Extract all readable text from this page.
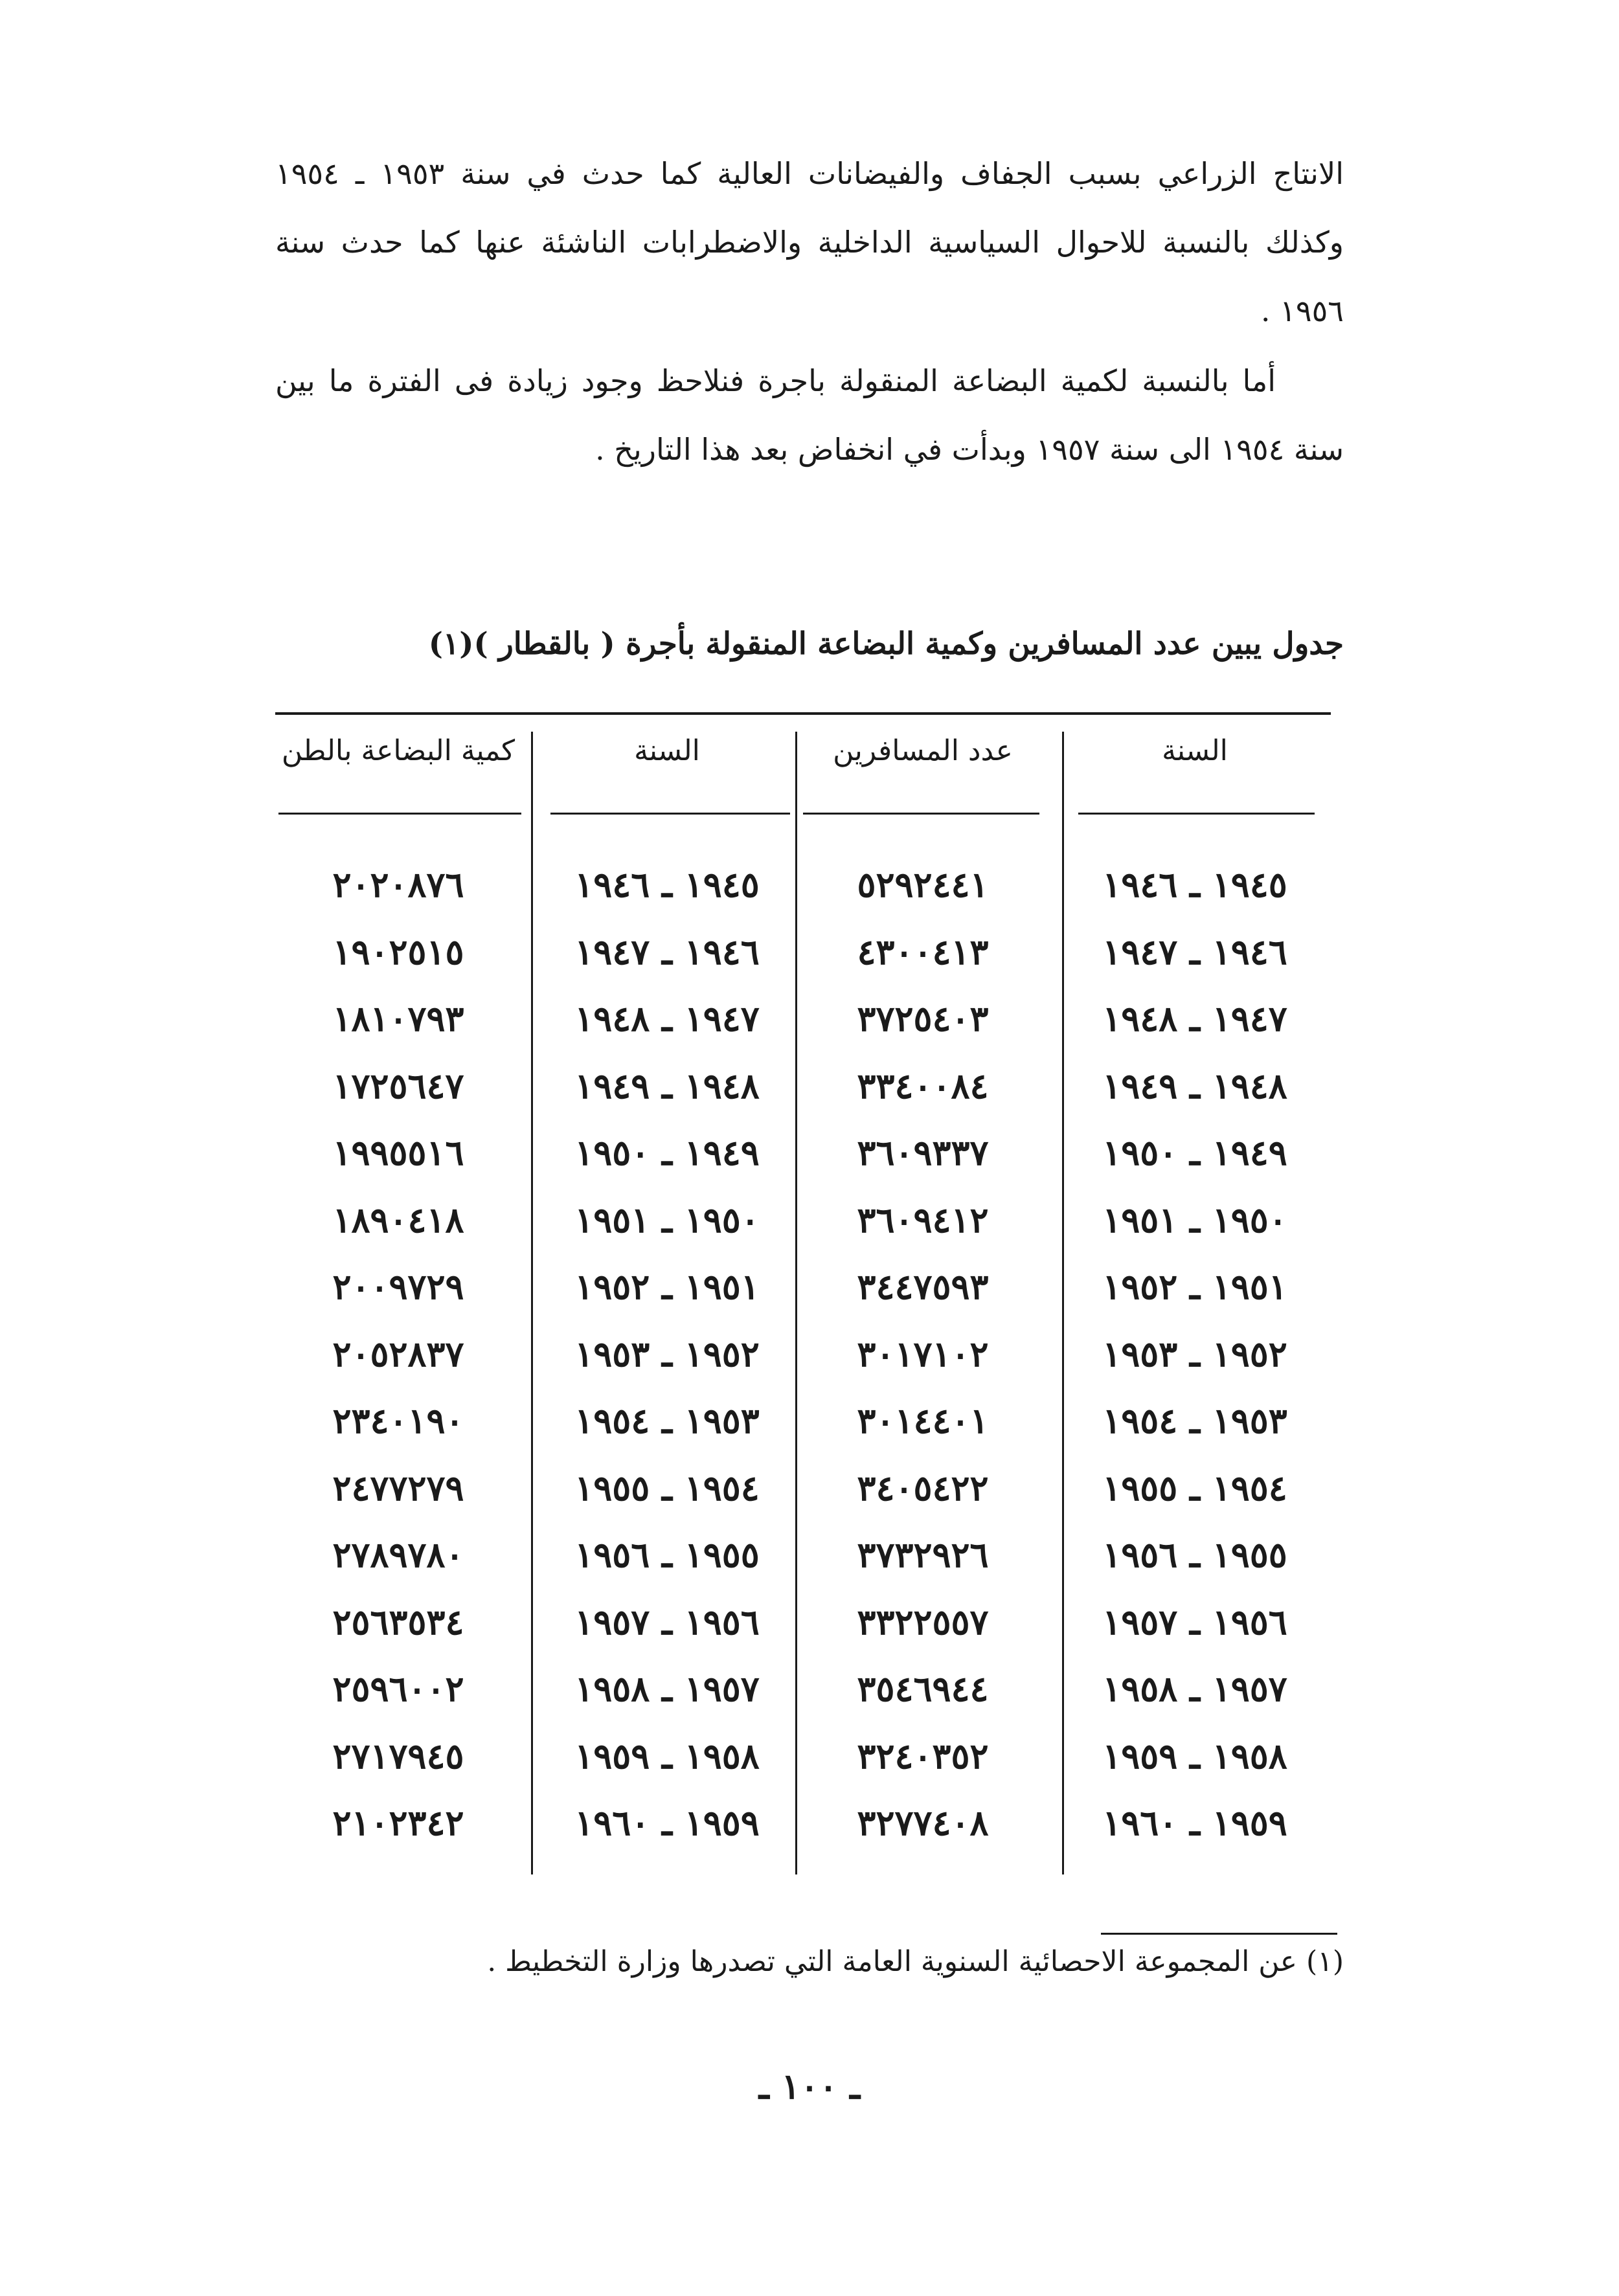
الانتاج الزراعي بسبب الجفاف والفيضانات العالية كما حدث في سنة ١٩٥٣ ـ ١٩٥٤ وكذلك بالنسبة للاحوال السياسية الداخلية والاضطرابات الناشئة عنها كما حدث سنة ١٩٥٦ .

أما بالنسبة لكمية البضاعة المنقولة باجرة فنلاحظ وجود زيادة فى الفترة ما بين سنة ١٩٥٤ الى سنة ١٩٥٧ وبدأت في انخفاض بعد هذا التاريخ .

جدول يبين عدد المسافرين وكمية البضاعة المنقولة بأجرة ( بالقطار )(١)

السنة
عدد المسافرين
السنة
كمية البضاعة بالطن
١٩٤٥ ـ ١٩٤٦
٥٢٩٢٤٤١
١٩٤٥ ـ ١٩٤٦
٢٠٢٠٨٧٦
١٩٤٦ ـ ١٩٤٧
٤٣٠٠٤١٣
١٩٤٦ ـ ١٩٤٧
١٩٠٢٥١٥
١٩٤٧ ـ ١٩٤٨
٣٧٢٥٤٠٣
١٩٤٧ ـ ١٩٤٨
١٨١٠٧٩٣
١٩٤٨ ـ ١٩٤٩
٣٣٤٠٠٨٤
١٩٤٨ ـ ١٩٤٩
١٧٢٥٦٤٧
١٩٤٩ ـ ١٩٥٠
٣٦٠٩٣٣٧
١٩٤٩ ـ ١٩٥٠
١٩٩٥٥١٦
١٩٥٠ ـ ١٩٥١
٣٦٠٩٤١٢
١٩٥٠ ـ ١٩٥١
١٨٩٠٤١٨
١٩٥١ ـ ١٩٥٢
٣٤٤٧٥٩٣
١٩٥١ ـ ١٩٥٢
٢٠٠٩٧٢٩
١٩٥٢ ـ ١٩٥٣
٣٠١٧١٠٢
١٩٥٢ ـ ١٩٥٣
٢٠٥٢٨٣٧
١٩٥٣ ـ ١٩٥٤
٣٠١٤٤٠١
١٩٥٣ ـ ١٩٥٤
٢٣٤٠١٩٠
١٩٥٤ ـ ١٩٥٥
٣٤٠٥٤٢٢
١٩٥٤ ـ ١٩٥٥
٢٤٧٧٢٧٩
١٩٥٥ ـ ١٩٥٦
٣٧٣٢٩٢٦
١٩٥٥ ـ ١٩٥٦
٢٧٨٩٧٨٠
١٩٥٦ ـ ١٩٥٧
٣٣٢٢٥٥٧
١٩٥٦ ـ ١٩٥٧
٢٥٦٣٥٣٤
١٩٥٧ ـ ١٩٥٨
٣٥٤٦٩٤٤
١٩٥٧ ـ ١٩٥٨
٢٥٩٦٠٠٢
١٩٥٨ ـ ١٩٥٩
٣٢٤٠٣٥٢
١٩٥٨ ـ ١٩٥٩
٢٧١٧٩٤٥
١٩٥٩ ـ ١٩٦٠
٣٢٧٧٤٠٨
١٩٥٩ ـ ١٩٦٠
٢١٠٢٣٤٢

(١) عن المجموعة الاحصائية السنوية العامة التي تصدرها وزارة التخطيط .

ـ ١٠٠ ـ
